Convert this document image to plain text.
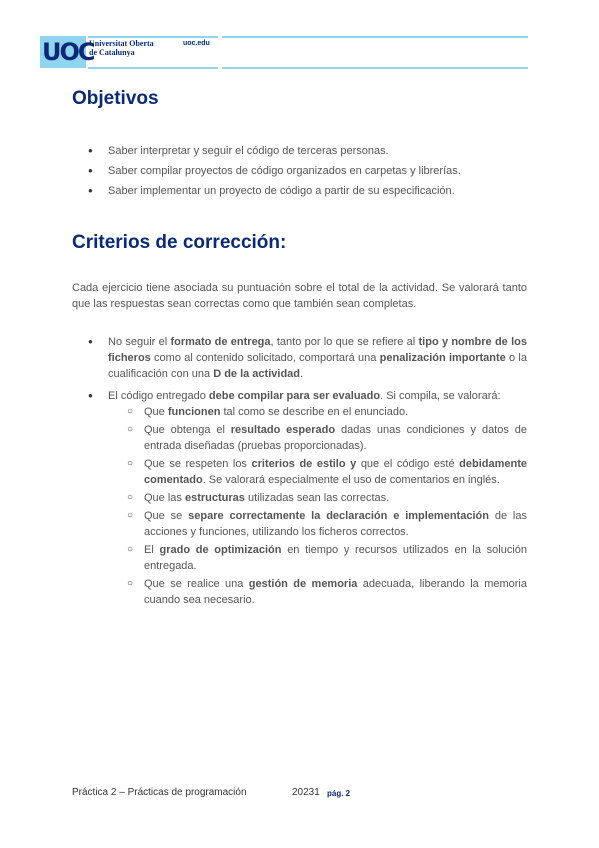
UOC
Universitat Oberta
de Catalunya
uoc.edu
Objetivos
● Saber interpretar y seguir el código de terceras personas.
● Saber compilar proyectos de código organizados en carpetas y librerías.
● Saber implementar un proyecto de código a partir de su especificación.
Criterios de corrección:

Cada ejercicio tiene asociada su puntuación sobre el total de la actividad. Se valorará tanto que las respuestas sean correctas como que también sean completas.

● No seguir el formato de entrega, tanto por lo que se refiere al tipo y nombre de los ficheros como al contenido solicitado, comportará una penalización importante o la cualificación con una D de la actividad.
● El código entregado debe compilar para ser evaluado. Si compila, se valorará:
○ Que funcionen tal como se describe en el enunciado.
○ Que obtenga el resultado esperado dadas unas condiciones y datos de entrada diseñadas (pruebas proporcionadas).
○ Que se respeten los criterios de estilo y que el código esté debidamente comentado. Se valorará especialmente el uso de comentarios en inglés.
○ Que las estructuras utilizadas sean las correctas.
○ Que se separe correctamente la declaración e implementación de las acciones y funciones, utilizando los ficheros correctos.
○ El grado de optimización en tiempo y recursos utilizados en la solución entregada.
○ Que se realice una gestión de memoria adecuada, liberando la memoria cuando sea necesario.
Práctica 2 – Prácticas de programación	20231 pág. 2
